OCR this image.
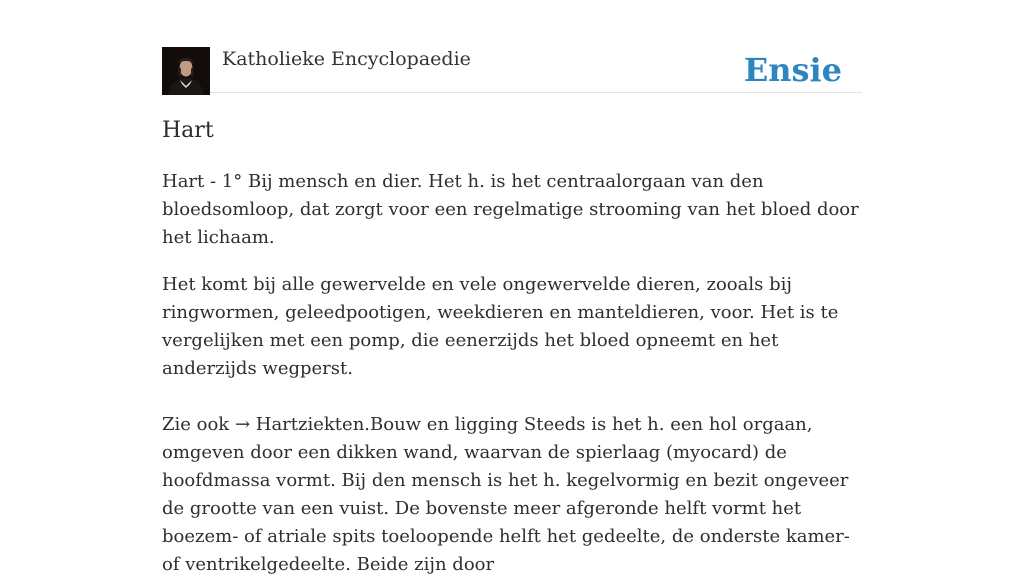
Katholieke Encyclopaedie	Ensie
Hart

Hart - 1° Bij mensch en dier. Het h. is het centraalorgaan van den bloedsomloop, dat zorgt voor een regelmatige strooming van het bloed door het lichaam.

Het komt bij alle gewervelde en vele ongewervelde dieren, zooals bij ringwormen, geleedpootigen, weekdieren en manteldieren, voor. Het is te vergelijken met een pomp, die eenerzijds het bloed opneemt en het anderzijds wegperst.

Zie ook → Hartziekten.Bouw en ligging Steeds is het h. een hol orgaan, omgeven door een dikken wand, waarvan de spierlaag (myocard) de hoofdmassa vormt. Bij den mensch is het h. kegelvormig en bezit ongeveer de grootte van een vuist. De bovenste meer afgeronde helft vormt het boezem- of atriale spits toeloopende helft het gedeelte, de onderste kamer- of ventrikelgedeelte. Beide zijn door
